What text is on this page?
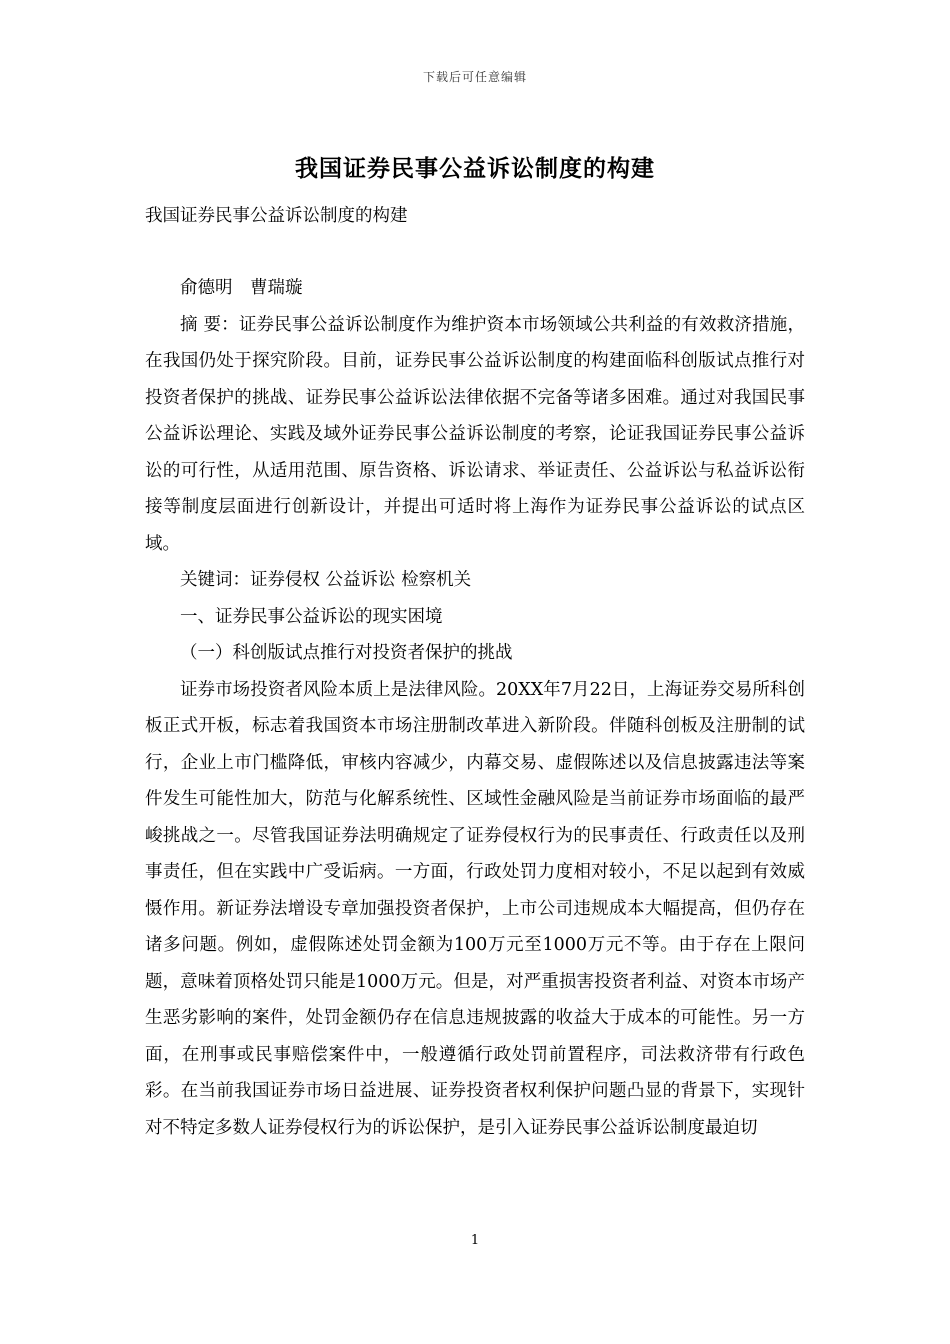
下载后可任意编辑
我国证券民事公益诉讼制度的构建

我国证券民事公益诉讼制度的构建

俞德明　曹瑞璇

摘 要：证券民事公益诉讼制度作为维护资本市场领域公共利益的有效救济措施，在我国仍处于探究阶段。目前，证券民事公益诉讼制度的构建面临科创版试点推行对投资者保护的挑战、证券民事公益诉讼法律依据不完备等诸多困难。通过对我国民事公益诉讼理论、实践及域外证券民事公益诉讼制度的考察，论证我国证券民事公益诉讼的可行性，从适用范围、原告资格、诉讼请求、举证责任、公益诉讼与私益诉讼衔接等制度层面进行创新设计，并提出可适时将上海作为证券民事公益诉讼的试点区域。

关键词：证券侵权 公益诉讼 检察机关

一、证券民事公益诉讼的现实困境

（一）科创版试点推行对投资者保护的挑战

证券市场投资者风险本质上是法律风险。20XX年7月22日，上海证券交易所科创板正式开板，标志着我国资本市场注册制改革进入新阶段。伴随科创板及注册制的试行，企业上市门槛降低，审核内容减少，内幕交易、虚假陈述以及信息披露违法等案件发生可能性加大，防范与化解系统性、区域性金融风险是当前证券市场面临的最严峻挑战之一。尽管我国证券法明确规定了证券侵权行为的民事责任、行政责任以及刑事责任，但在实践中广受诟病。一方面，行政处罚力度相对较小，不足以起到有效威慑作用。新证券法增设专章加强投资者保护，上市公司违规成本大幅提高，但仍存在诸多问题。例如，虚假陈述处罚金额为100万元至1000万元不等。由于存在上限问题，意味着顶格处罚只能是1000万元。但是，对严重损害投资者利益、对资本市场产生恶劣影响的案件，处罚金额仍存在信息违规披露的收益大于成本的可能性。另一方面，在刑事或民事赔偿案件中，一般遵循行政处罚前置程序，司法救济带有行政色彩。在当前我国证券市场日益进展、证券投资者权利保护问题凸显的背景下，实现针对不特定多数人证券侵权行为的诉讼保护，是引入证券民事公益诉讼制度最迫切

1
